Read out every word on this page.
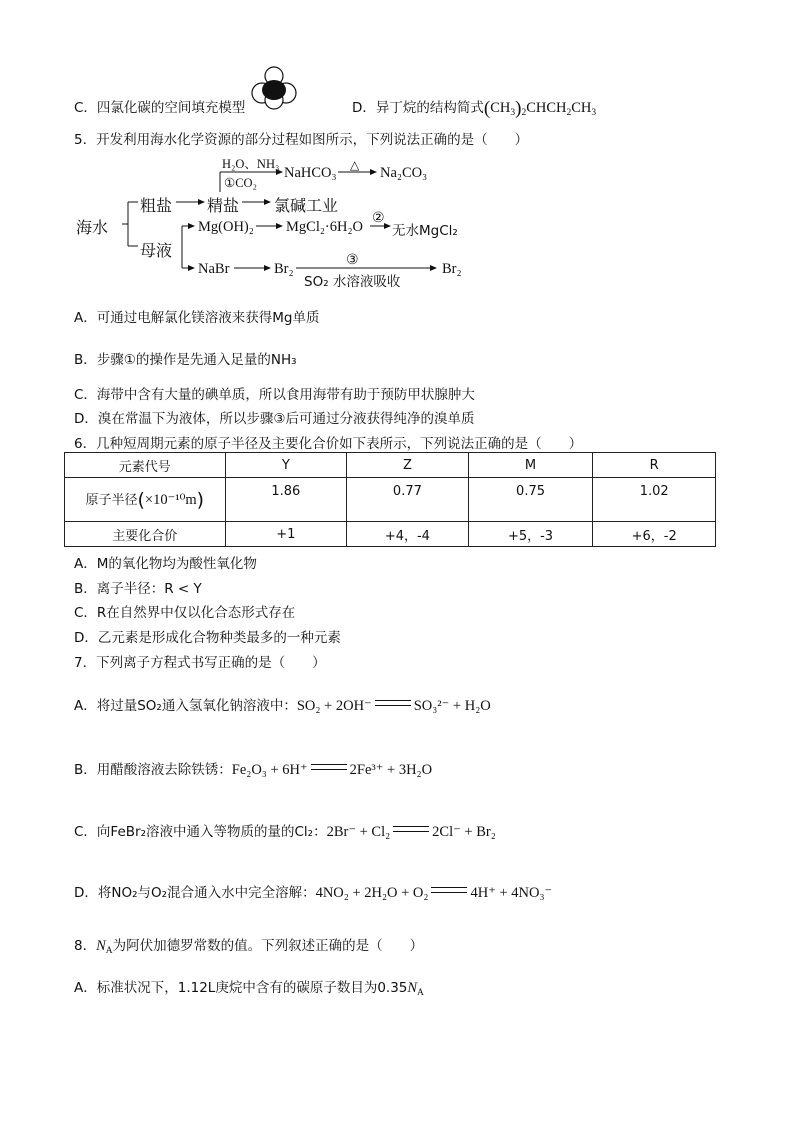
C．四氯化碳的空间填充模型	D．异丁烷的结构简式$(CH_3)_2CHCH_2CH_3$
5．开发利用海水化学资源的部分过程如图所示，下列说法正确的是（　　）
海水
粗盐 精盐 氯碱工业
母液
H₂O、NH₃
①CO₂
NaHCO₃ △ Na₂CO₃
Mg(OH)₂ MgCl₂·6H₂O
②
无水MgCl₂
NaBr	Br₂
③
SO₂ 水溶液吸收
Br₂
A．可通过电解氯化镁溶液来获得Mg单质
B．步骤①的操作是先通入足量的NH₃
C．海带中含有大量的碘单质，所以食用海带有助于预防甲状腺肿大
D．溴在常温下为液体，所以步骤③后可通过分液获得纯净的溴单质
6．几种短周期元素的原子半径及主要化合价如下表所示，下列说法正确的是（　　）
元素代号	Y	Z	M	R
原子半径(×10⁻¹⁰m)	1.86	0.77	0.75	1.02
主要化合价	+1	+4，-4	+5，-3	+6，-2
A．M的氧化物均为酸性氧化物
B．离子半径：R < Y
C．R在自然界中仅以化合态形式存在
D．乙元素是形成化合物种类最多的一种元素
7．下列离子方程式书写正确的是（　　）
A．将过量SO₂通入氢氧化钠溶液中：SO₂ + 2OH⁻	SO₃²⁻ + H₂O
B．用醋酸溶液去除铁锈：Fe₂O₃ + 6H⁺	2Fe³⁺ + 3H₂O
C．向FeBr₂溶液中通入等物质的量的Cl₂：2Br⁻ + Cl₂	2Cl⁻ + Br₂
D．将NO₂与O₂混合通入水中完全溶解：4NO₂ + 2H₂O + O₂	4H⁺ + 4NO₃⁻
8．$N_A$为阿伏加德罗常数的值。下列叙述正确的是（　　）
A．标准状况下，1.12L庚烷中含有的碳原子数目为$0.35N_A$
